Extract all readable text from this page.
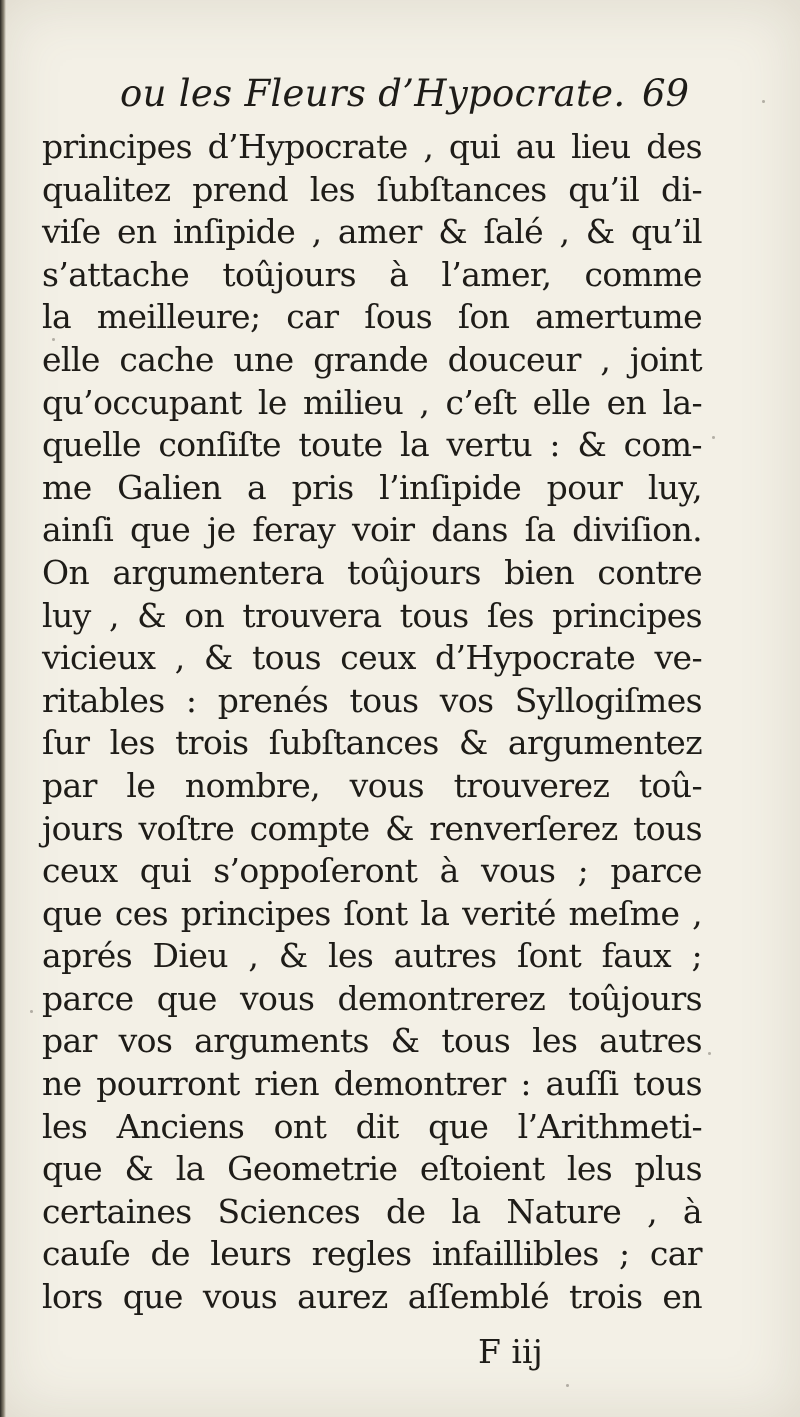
ou les Fleurs d’Hypocrate. 69
principes d’Hypocrate , qui au lieu des
qualitez prend les ſubſtances qu’il di-
viſe en inſipide , amer & ſalé , & qu’il
s’attache toûjours à l’amer, comme
la meilleure; car ſous ſon amertume
elle cache une grande douceur , joint
qu’occupant le milieu , c’eſt elle en la-
quelle conſiſte toute la vertu : & com-
me Galien a pris l’inſipide pour luy,
ainſi que je feray voir dans ſa diviſion.
On argumentera toûjours bien contre
luy , & on trouvera tous ſes principes
vicieux , & tous ceux d’Hypocrate ve-
ritables : prenés tous vos Syllogiſmes
ſur les trois ſubſtances & argumentez
par le nombre, vous trouverez toû-
jours voſtre compte & renverſerez tous
ceux qui s’oppoſeront à vous ; parce
que ces principes ſont la verité meſme ,
aprés Dieu , & les autres ſont faux ;
parce que vous demontrerez toûjours
par vos arguments & tous les autres
ne pourront rien demontrer : auſſi tous
les Anciens ont dit que l’Arithmeti-
que & la Geometrie eſtoient les plus
certaines Sciences de la Nature , à
cauſe de leurs regles infaillibles ; car
lors que vous aurez aſſemblé trois en
F iij
